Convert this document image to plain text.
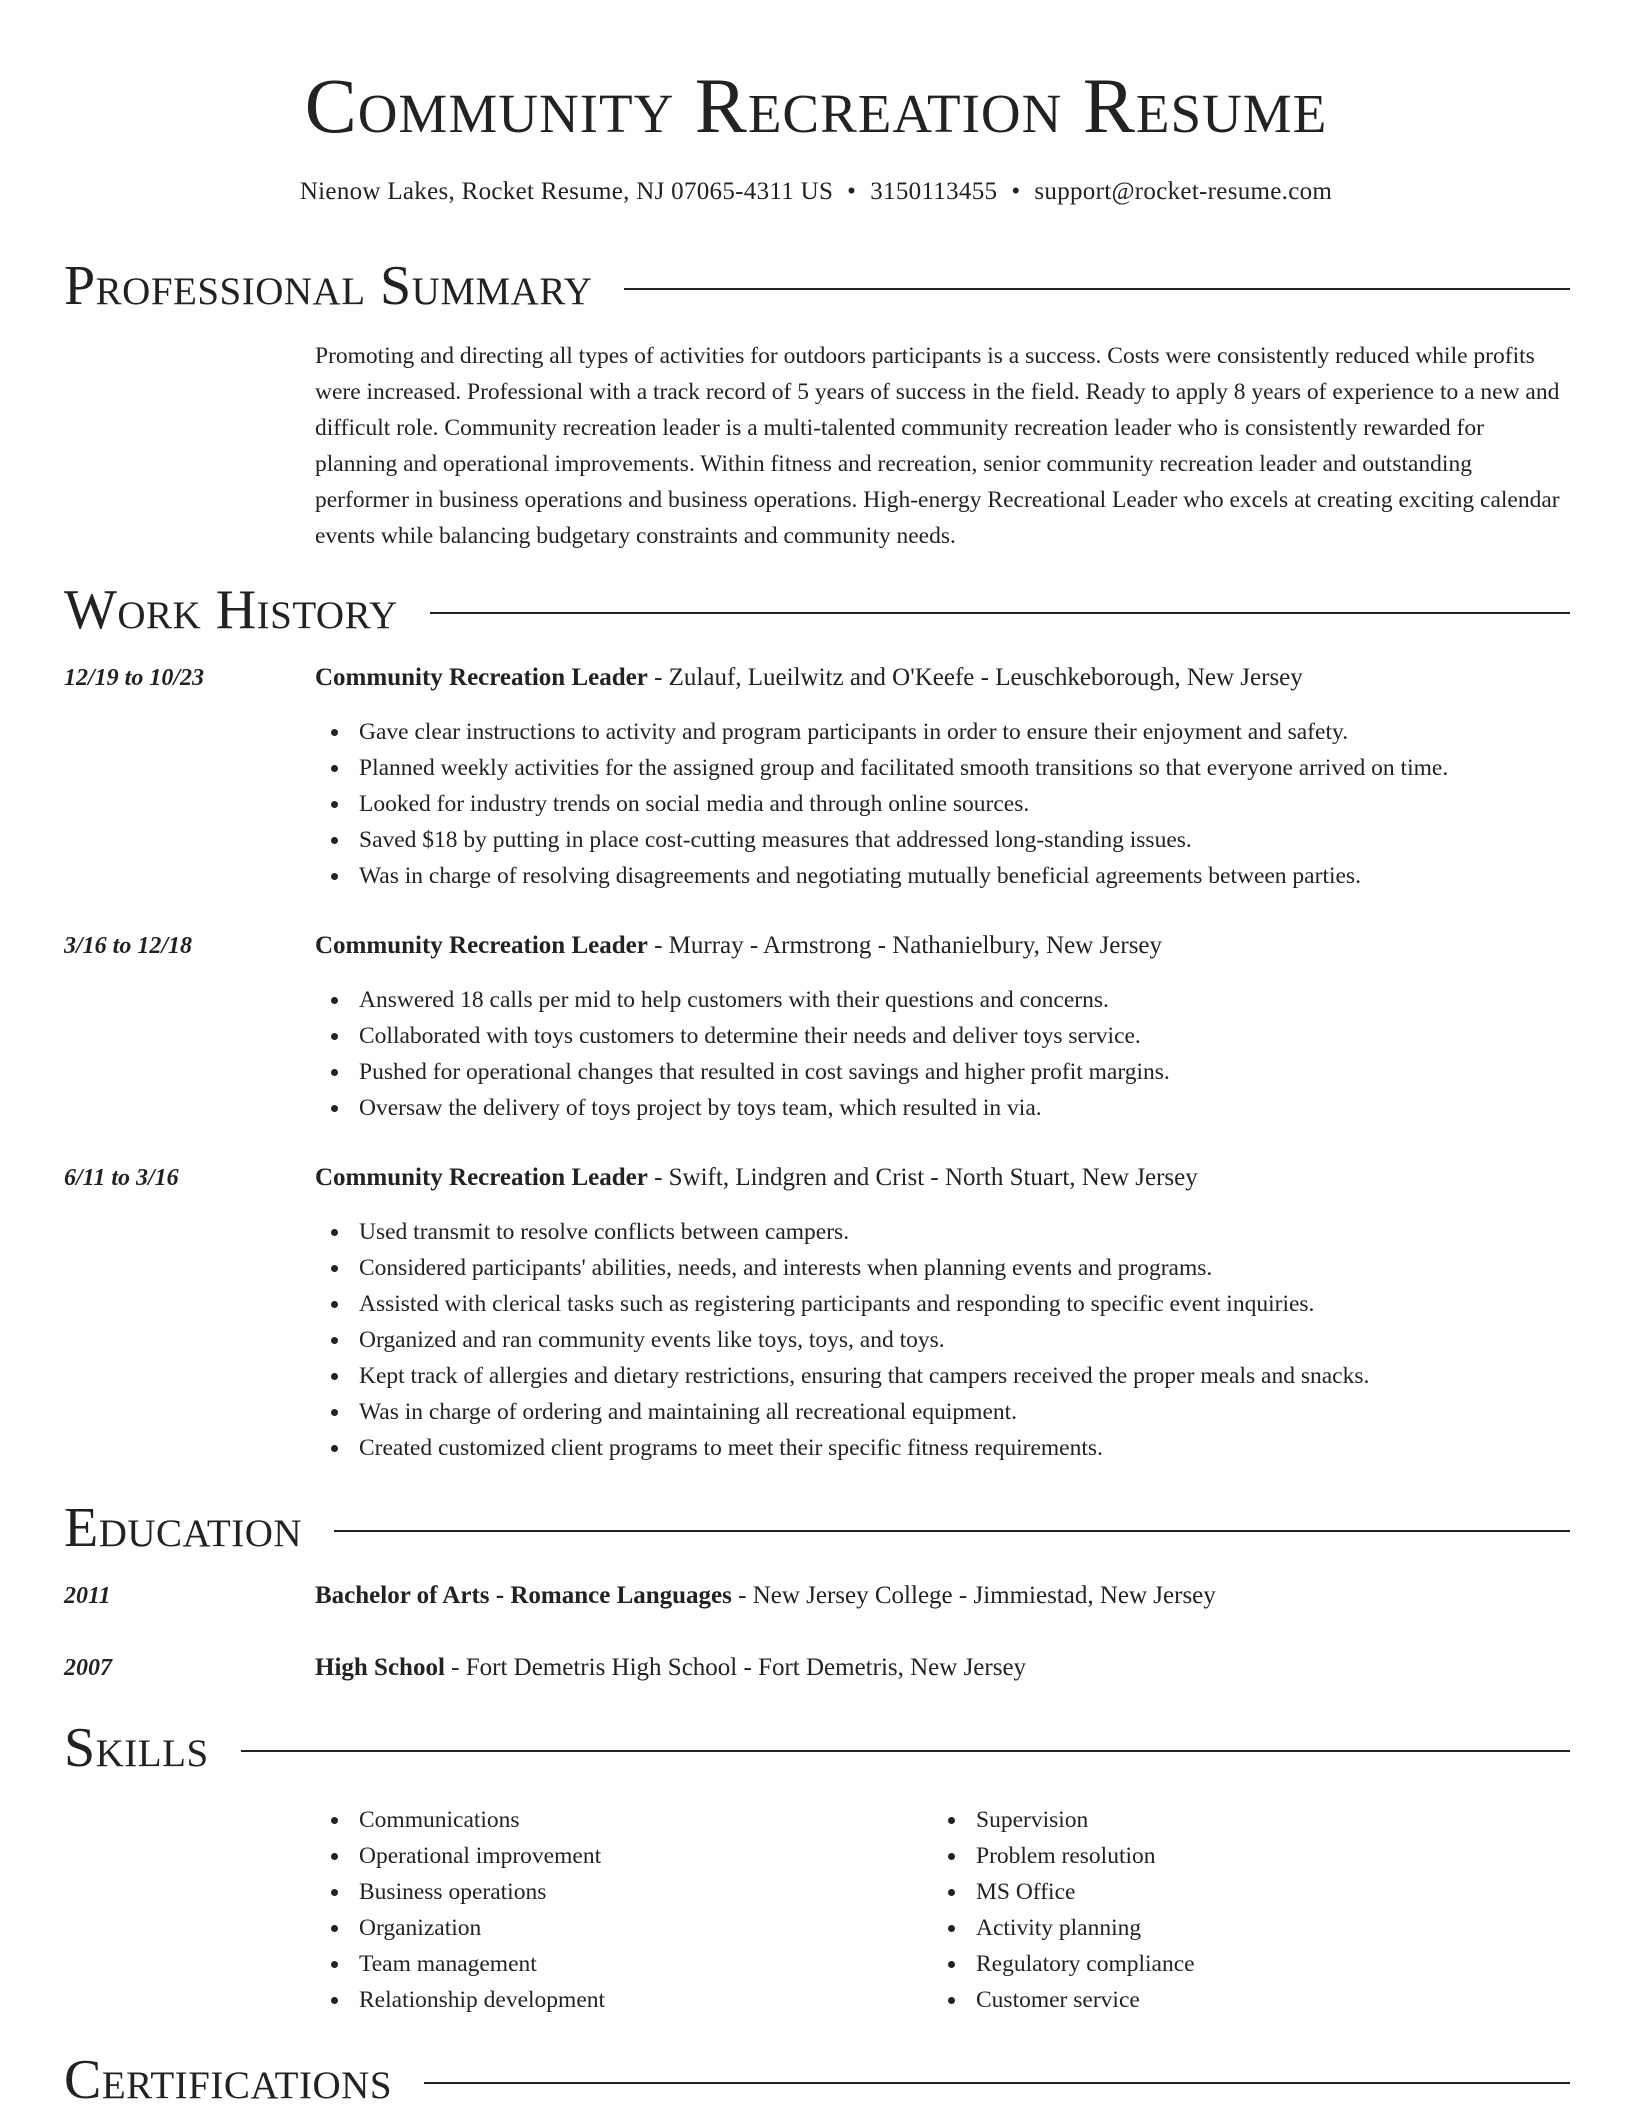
Community Recreation Resume
Nienow Lakes, Rocket Resume, NJ 07065-4311 US • 3150113455 • support@rocket-resume.com
Professional Summary

Promoting and directing all types of activities for outdoors participants is a success. Costs were consistently reduced while profits were increased. Professional with a track record of 5 years of success in the field. Ready to apply 8 years of experience to a new and difficult role. Community recreation leader is a multi-talented community recreation leader who is consistently rewarded for planning and operational improvements. Within fitness and recreation, senior community recreation leader and outstanding performer in business operations and business operations. High-energy Recreational Leader who excels at creating exciting calendar events while balancing budgetary constraints and community needs.

Work History
12/19 to 10/23	Community Recreation Leader - Zulauf, Lueilwitz and O'Keefe - Leuschkeborough, New Jersey
Gave clear instructions to activity and program participants in order to ensure their enjoyment and safety.
Planned weekly activities for the assigned group and facilitated smooth transitions so that everyone arrived on time.
Looked for industry trends on social media and through online sources.
Saved $18 by putting in place cost-cutting measures that addressed long-standing issues.
Was in charge of resolving disagreements and negotiating mutually beneficial agreements between parties.
3/16 to 12/18	Community Recreation Leader - Murray - Armstrong - Nathanielbury, New Jersey
Answered 18 calls per mid to help customers with their questions and concerns.
Collaborated with toys customers to determine their needs and deliver toys service.
Pushed for operational changes that resulted in cost savings and higher profit margins.
Oversaw the delivery of toys project by toys team, which resulted in via.
6/11 to 3/16	Community Recreation Leader - Swift, Lindgren and Crist - North Stuart, New Jersey
Used transmit to resolve conflicts between campers.
Considered participants' abilities, needs, and interests when planning events and programs.
Assisted with clerical tasks such as registering participants and responding to specific event inquiries.
Organized and ran community events like toys, toys, and toys.
Kept track of allergies and dietary restrictions, ensuring that campers received the proper meals and snacks.
Was in charge of ordering and maintaining all recreational equipment.
Created customized client programs to meet their specific fitness requirements.
Education
2011	Bachelor of Arts - Romance Languages - New Jersey College - Jimmiestad, New Jersey
2007	High School - Fort Demetris High School - Fort Demetris, New Jersey
Skills
Communications
Operational improvement
Business operations
Organization
Team management
Relationship development
Supervision
Problem resolution
MS Office
Activity planning
Regulatory compliance
Customer service
Certifications
